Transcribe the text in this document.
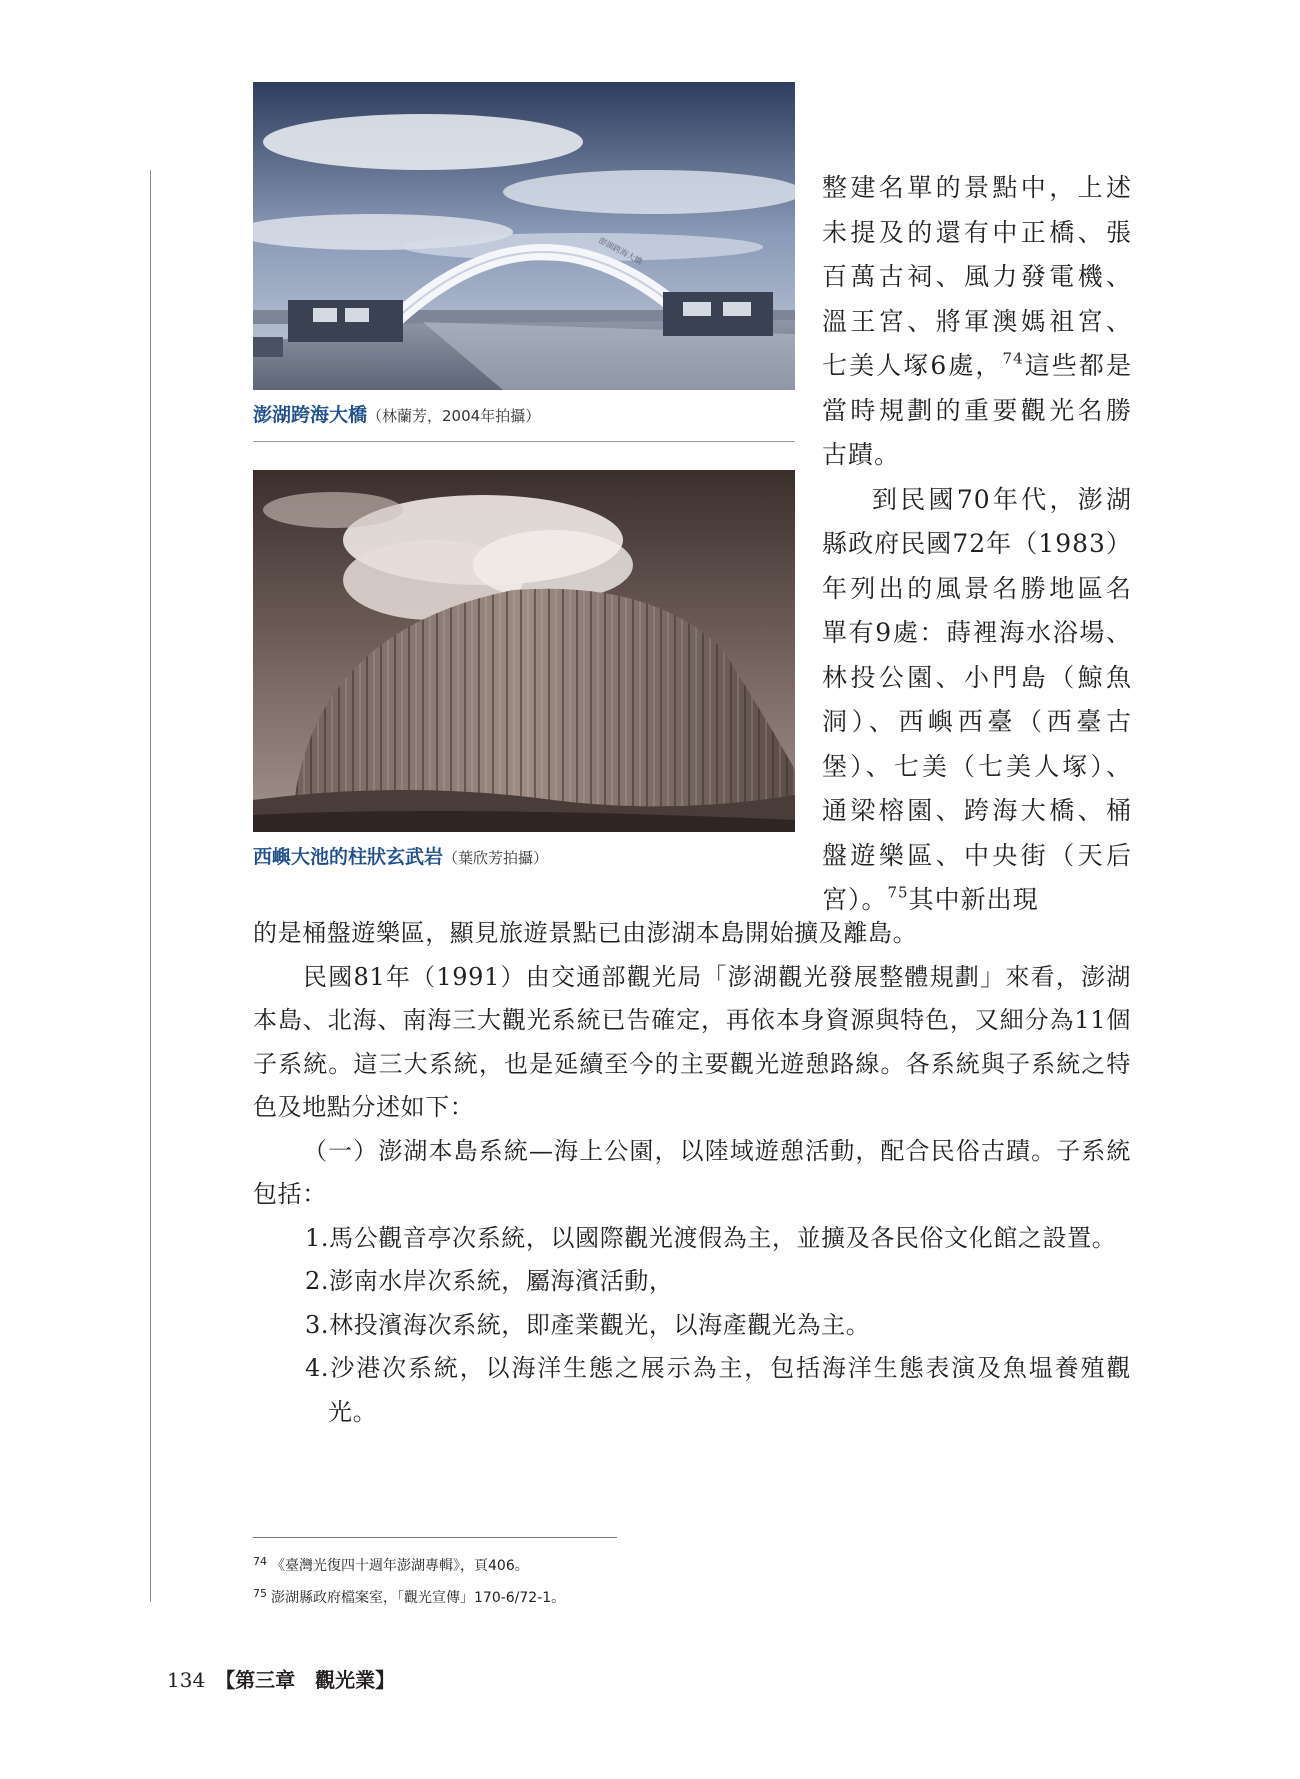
澎湖跨海大橋
澎湖跨海大橋（林蘭芳，2004年拍攝）
西嶼大池的柱狀玄武岩（葉欣芳拍攝）

整建名單的景點中，上述未提及的還有中正橋、張百萬古祠、風力發電機、溫王宮、將軍澳媽祖宮、七美人塚6處，$^{74}$這些都是當時規劃的重要觀光名勝古蹟。

到民國70年代，澎湖縣政府民國72年（1983）年列出的風景名勝地區名單有9處：蒔裡海水浴場、林投公園、小門島（鯨魚洞）、西嶼西臺（西臺古堡）、七美（七美人塚）、通梁榕園、跨海大橋、桶盤遊樂區、中央街（天后宮）。$^{75}$其中新出現

的是桶盤遊樂區，顯見旅遊景點已由澎湖本島開始擴及離島。

民國81年（1991）由交通部觀光局「澎湖觀光發展整體規劃」來看，澎湖本島、北海、南海三大觀光系統已告確定，再依本身資源與特色，又細分為11個子系統。這三大系統，也是延續至今的主要觀光遊憩路線。各系統與子系統之特色及地點分述如下：

（一）澎湖本島系統—海上公園，以陸域遊憩活動，配合民俗古蹟。子系統包括：

1.馬公觀音亭次系統，以國際觀光渡假為主，並擴及各民俗文化館之設置。

2.澎南水岸次系統，屬海濱活動，

3.林投濱海次系統，即產業觀光，以海產觀光為主。

4.沙港次系統，以海洋生態之展示為主，包括海洋生態表演及魚塭養殖觀光。

$^{74}$ 《臺灣光復四十週年澎湖專輯》，頁406。
$^{75}$ 澎湖縣政府檔案室，「觀光宣傳」170-6/72-1。
134 【第三章　觀光業】
